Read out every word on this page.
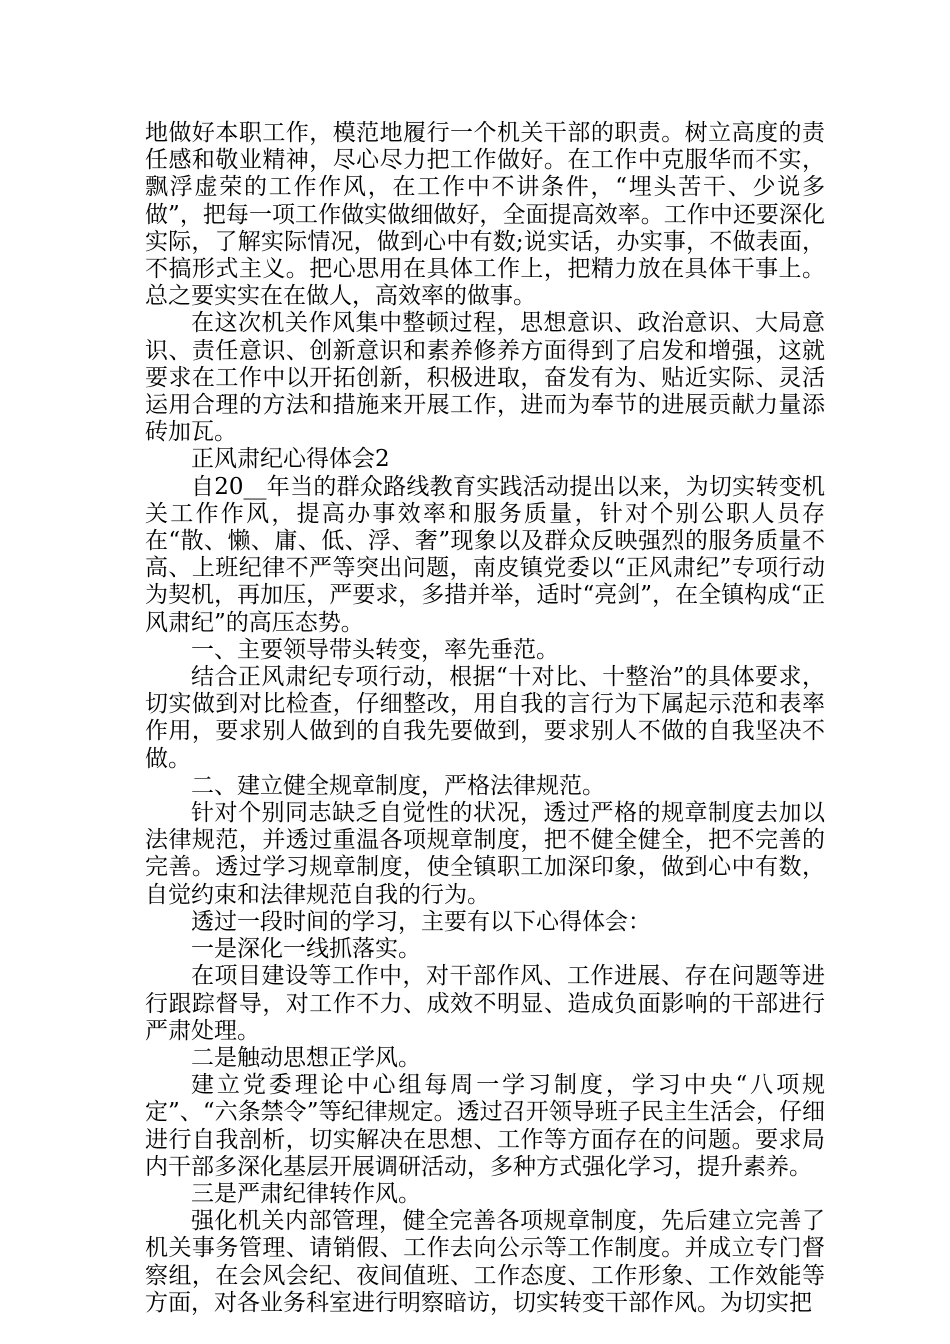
地做好本职工作，模范地履行一个机关干部的职责。树立高度的责任感和敬业精神，尽心尽力把工作做好。在工作中克服华而不实，飘浮虚荣的工作作风，在工作中不讲条件，“埋头苦干、少说多做”，把每一项工作做实做细做好，全面提高效率。工作中还要深化实际，了解实际情况，做到心中有数;说实话，办实事，不做表面，不搞形式主义。把心思用在具体工作上，把精力放在具体干事上。总之要实实在在做人，高效率的做事。

在这次机关作风集中整顿过程，思想意识、政治意识、大局意识、责任意识、创新意识和素养修养方面得到了启发和增强，这就要求在工作中以开拓创新，积极进取，奋发有为、贴近实际、灵活运用合理的方法和措施来开展工作，进而为奉节的进展贡献力量添砖加瓦。

正风肃纪心得体会2

自20__年当的群众路线教育实践活动提出以来，为切实转变机关工作作风，提高办事效率和服务质量，针对个别公职人员存在“散、懒、庸、低、浮、奢”现象以及群众反映强烈的服务质量不高、上班纪律不严等突出问题，南皮镇党委以“正风肃纪”专项行动为契机，再加压，严要求，多措并举，适时“亮剑”，在全镇构成“正风肃纪”的高压态势。

一、主要领导带头转变，率先垂范。

结合正风肃纪专项行动，根据“十对比、十整治”的具体要求，切实做到对比检查，仔细整改，用自我的言行为下属起示范和表率作用，要求别人做到的自我先要做到，要求别人不做的自我坚决不做。

二、建立健全规章制度，严格法律规范。

针对个别同志缺乏自觉性的状况，透过严格的规章制度去加以法律规范，并透过重温各项规章制度，把不健全健全，把不完善的完善。透过学习规章制度，使全镇职工加深印象，做到心中有数，自觉约束和法律规范自我的行为。

透过一段时间的学习，主要有以下心得体会：

一是深化一线抓落实。

在项目建设等工作中，对干部作风、工作进展、存在问题等进行跟踪督导，对工作不力、成效不明显、造成负面影响的干部进行严肃处理。

二是触动思想正学风。

建立党委理论中心组每周一学习制度，学习中央“八项规定”、“六条禁令”等纪律规定。透过召开领导班子民主生活会，仔细进行自我剖析，切实解决在思想、工作等方面存在的问题。要求局内干部多深化基层开展调研活动，多种方式强化学习，提升素养。

三是严肃纪律转作风。

强化机关内部管理，健全完善各项规章制度，先后建立完善了机关事务管理、请销假、工作去向公示等工作制度。并成立专门督察组，在会风会纪、夜间值班、工作态度、工作形象、工作效能等方面，对各业务科室进行明察暗访，切实转变干部作风。为切实把
